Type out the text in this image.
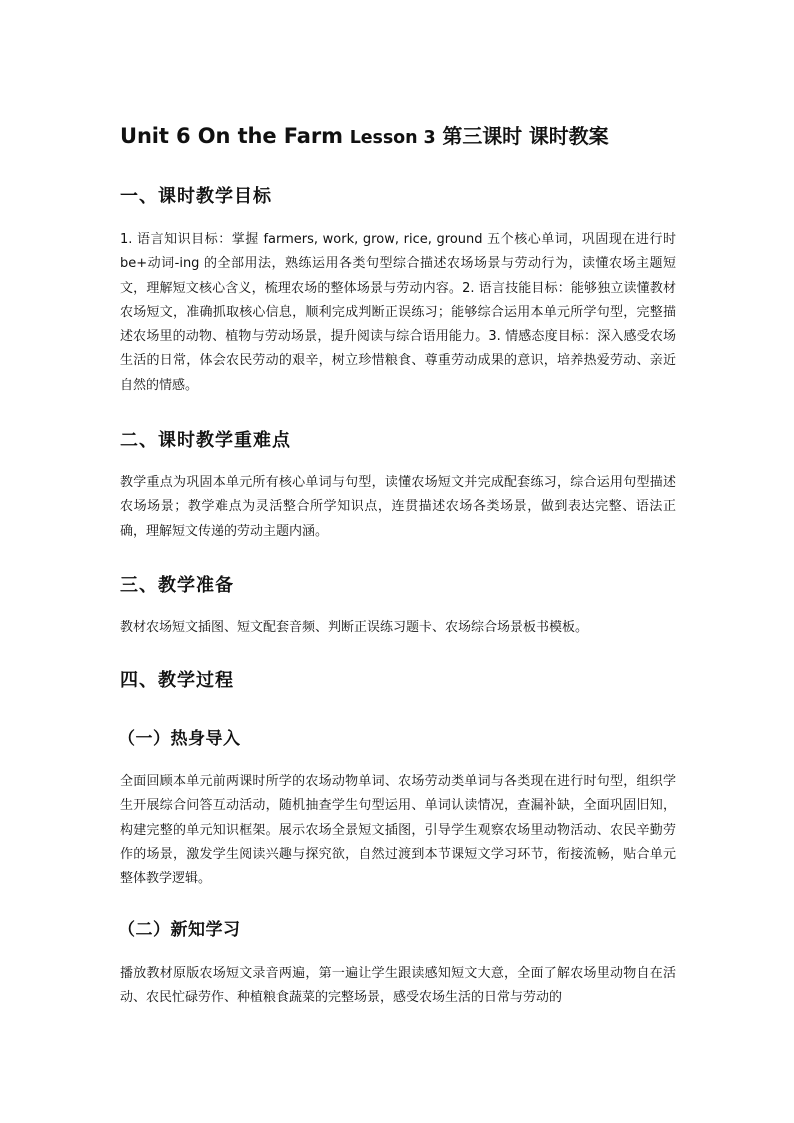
Unit 6 On the Farm Lesson 3 第三课时 课时教案
一、课时教学目标

1. 语言知识目标：掌握 farmers, work, grow, rice, ground 五个核心单词，巩固现在进行时 be+动词-ing 的全部用法，熟练运用各类句型综合描述农场场景与劳动行为，读懂农场主题短文，理解短文核心含义，梳理农场的整体场景与劳动内容。2. 语言技能目标：能够独立读懂教材农场短文，准确抓取核心信息，顺利完成判断正误练习；能够综合运用本单元所学句型，完整描述农场里的动物、植物与劳动场景，提升阅读与综合语用能力。3. 情感态度目标：深入感受农场生活的日常，体会农民劳动的艰辛，树立珍惜粮食、尊重劳动成果的意识，培养热爱劳动、亲近自然的情感。

二、课时教学重难点

教学重点为巩固本单元所有核心单词与句型，读懂农场短文并完成配套练习，综合运用句型描述农场场景；教学难点为灵活整合所学知识点，连贯描述农场各类场景，做到表达完整、语法正确，理解短文传递的劳动主题内涵。

三、教学准备

教材农场短文插图、短文配套音频、判断正误练习题卡、农场综合场景板书模板。

四、教学过程
（一）热身导入

全面回顾本单元前两课时所学的农场动物单词、农场劳动类单词与各类现在进行时句型，组织学生开展综合问答互动活动，随机抽查学生句型运用、单词认读情况，查漏补缺，全面巩固旧知，构建完整的单元知识框架。展示农场全景短文插图，引导学生观察农场里动物活动、农民辛勤劳作的场景，激发学生阅读兴趣与探究欲，自然过渡到本节课短文学习环节，衔接流畅，贴合单元整体教学逻辑。

（二）新知学习

播放教材原版农场短文录音两遍，第一遍让学生跟读感知短文大意，全面了解农场里动物自在活动、农民忙碌劳作、种植粮食蔬菜的完整场景，感受农场生活的日常与劳动的
